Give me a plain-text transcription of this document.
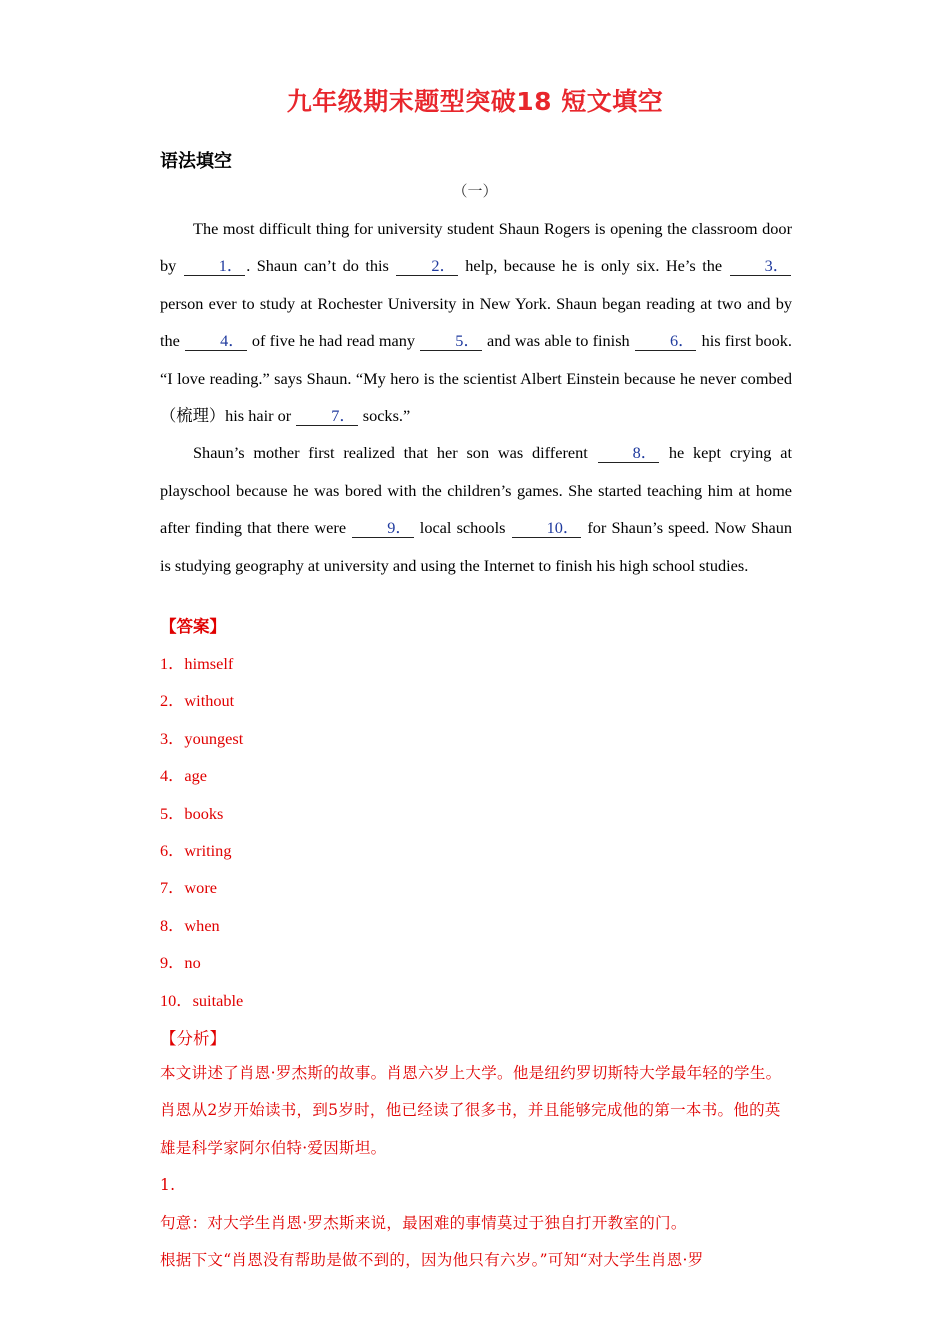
九年级期末题型突破18 短文填空
语法填空
（一）

The most difficult thing for university student Shaun Rogers is opening the classroom door by 1． . Shaun can’t do this 2． help, because he is only six. He’s the 3． person ever to study at Rochester University in New York. Shaun began reading at two and by the 4． of five he had read many 5． and was able to finish 6． his first book. “I love reading.” says Shaun. “My hero is the scientist Albert Einstein because he never combed（梳理）his hair or 7． socks.”

Shaun’s mother first realized that her son was different 8． he kept crying at playschool because he was bored with the children’s games. She started teaching him at home after finding that there were 9． local schools 10． for Shaun’s speed. Now Shaun is studying geography at university and using the Internet to finish his high school studies.

【答案】
1．himself
2．without
3．youngest
4．age
5．books
6．writing
7．wore
8．when
9．no
10．suitable
【分析】

本文讲述了肖恩·罗杰斯的故事。肖恩六岁上大学。他是纽约罗切斯特大学最年轻的学生。肖恩从2岁开始读书，到5岁时，他已经读了很多书，并且能够完成他的第一本书。他的英雄是科学家阿尔伯特·爱因斯坦。

1.

句意：对大学生肖恩·罗杰斯来说，最困难的事情莫过于独自打开教室的门。

根据下文“肖恩没有帮助是做不到的，因为他只有六岁。”可知“对大学生肖恩·罗
